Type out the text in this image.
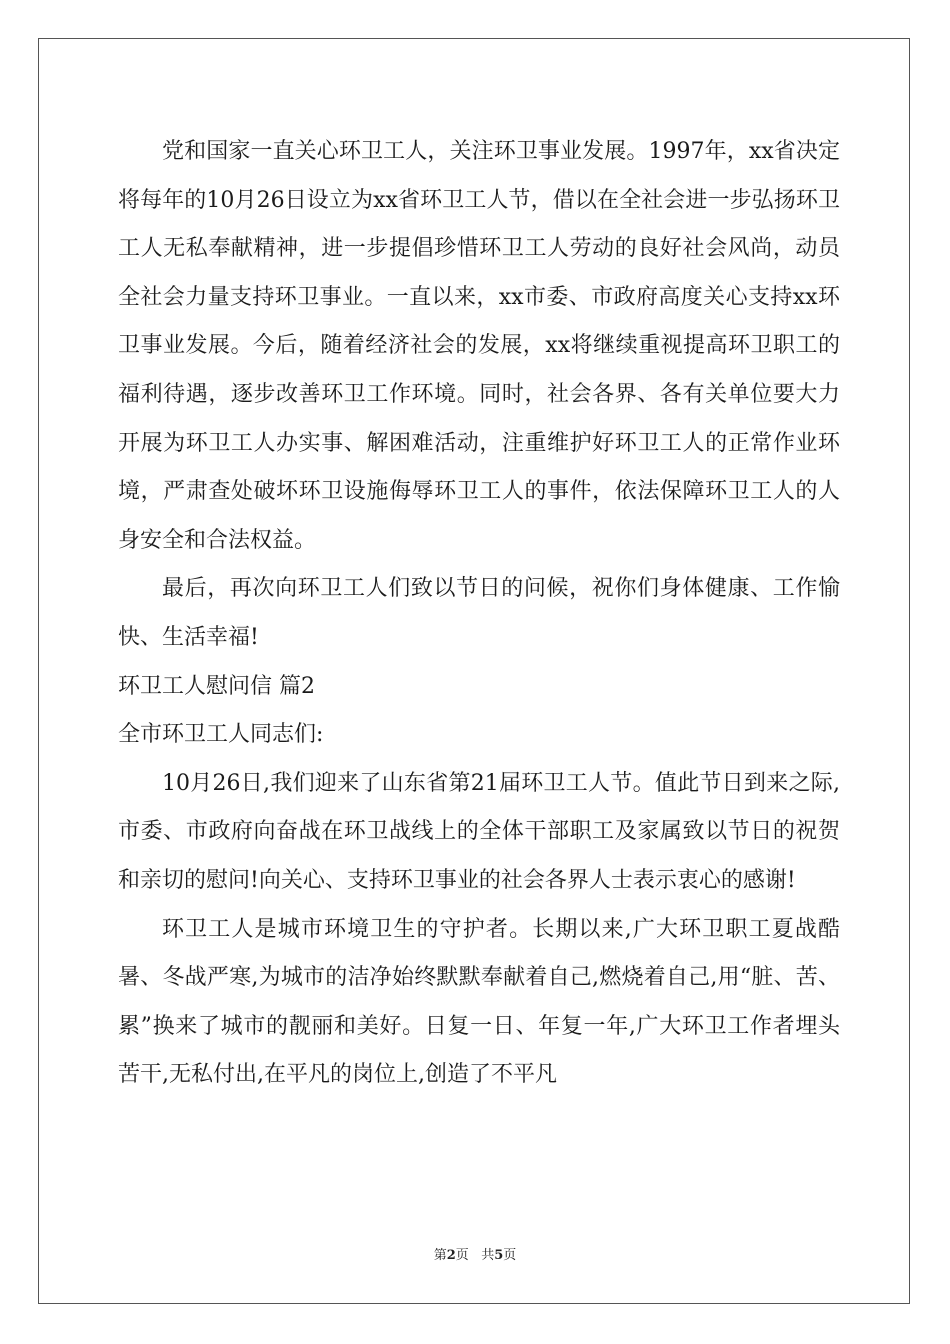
党和国家一直关心环卫工人，关注环卫事业发展。1997年，xx省决定将每年的10月26日设立为xx省环卫工人节，借以在全社会进一步弘扬环卫工人无私奉献精神，进一步提倡珍惜环卫工人劳动的良好社会风尚，动员全社会力量支持环卫事业。一直以来，xx市委、市政府高度关心支持xx环卫事业发展。今后，随着经济社会的发展，xx将继续重视提高环卫职工的福利待遇，逐步改善环卫工作环境。同时，社会各界、各有关单位要大力开展为环卫工人办实事、解困难活动，注重维护好环卫工人的正常作业环境，严肃查处破坏环卫设施侮辱环卫工人的事件，依法保障环卫工人的人身安全和合法权益。

最后，再次向环卫工人们致以节日的问候，祝你们身体健康、工作愉快、生活幸福!

环卫工人慰问信 篇2

全市环卫工人同志们:

10月26日,我们迎来了山东省第21届环卫工人节。值此节日到来之际,市委、市政府向奋战在环卫战线上的全体干部职工及家属致以节日的祝贺和亲切的慰问!向关心、支持环卫事业的社会各界人士表示衷心的感谢!

环卫工人是城市环境卫生的守护者。长期以来,广大环卫职工夏战酷暑、冬战严寒,为城市的洁净始终默默奉献着自己,燃烧着自己,用“脏、苦、累”换来了城市的靓丽和美好。日复一日、年复一年,广大环卫工作者埋头苦干,无私付出,在平凡的岗位上,创造了不平凡

第2页 共5页
